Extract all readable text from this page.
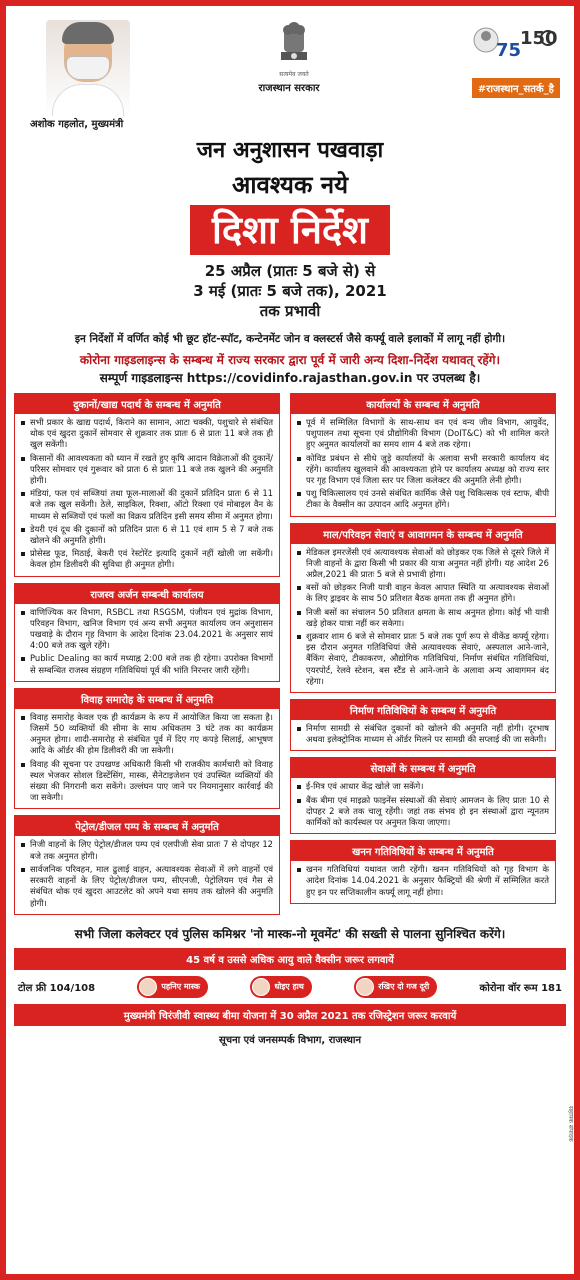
अशोक गहलोत, मुख्यमंत्री
सत्यमेव जयते
राजस्थान सरकार
75
150
#राजस्थान_सतर्क_है
जन अनुशासन पखवाड़ा
आवश्यक नये
दिशा निर्देश
25 अप्रैल (प्रातः 5 बजे से) से
3 मई (प्रातः 5 बजे तक), 2021
तक प्रभावी
इन निर्देशों में वर्णित कोई भी छूट हॉट-स्पॉट, कन्टेनमेंट जोन व क्लस्टर्स जैसे कर्फ्यू वाले इलाकों में लागू नहीं होगी।
कोरोना गाइडलाइन्स के सम्बन्ध में राज्य सरकार द्वारा पूर्व में जारी अन्य दिशा-निर्देश यथावत् रहेंगे।
सम्पूर्ण गाइडलाइन्स https://covidinfo.rajasthan.gov.in पर उपलब्ध है।
दुकानों/खाद्य पदार्थ के सम्बन्ध में अनुमति
सभी प्रकार के खाद्य पदार्थ, किराने का सामान, आटा चक्की, पशुचारे से संबंधित थोक एवं खुदरा दुकानें सोमवार से शुक्रवार तक प्रातः 6 से प्रातः 11 बजे तक ही खुल सकेंगी।
किसानों की आवश्यकता को ध्यान में रखते हुए कृषि आदान विक्रेताओं की दुकानें/परिसर सोमवार एवं गुरूवार को प्रातः 6 से प्रातः 11 बजे तक खुलने की अनुमति होगी।
मंडियां, फल एवं सब्जियां तथा फूल-मालाओं की दुकानें प्रतिदिन प्रातः 6 से 11 बजे तक खुल सकेंगी। ठेले, साइकिल, रिक्शा, ऑटो रिक्शा एवं मोबाइल वैन के माध्यम से सब्जियों एवं फलों का विक्रय प्रतिदिन इसी समय सीमा में अनुमत होगा।
डेयरी एवं दूध की दुकानों को प्रतिदिन प्रातः 6 से 11 एवं शाम 5 से 7 बजे तक खोलने की अनुमति होगी।
प्रोसेस्ड फूड, मिठाई, बेकरी एवं रेस्टोरेंट इत्यादि दुकानें नहीं खोली जा सकेंगी। केवल होम डिलीवरी की सुविधा ही अनुमत होगी।
राजस्व अर्जन सम्बन्धी कार्यालय
वाणिज्यिक कर विभाग, RSBCL तथा RSGSM, पंजीयन एवं मुद्रांक विभाग, परिवहन विभाग, खनिज विभाग एवं अन्य सभी अनुमत कार्यालय जन अनुशासन पखवाड़े के दौरान गृह विभाग के आदेश दिनांक 23.04.2021 के अनुसार सायं 4:00 बजे तक खुले रहेंगे।
Public Dealing का कार्य मध्याह्न 2:00 बजे तक ही रहेगा। उपरोक्त विभागों से सम्बन्धित राजस्व संग्रहण गतिविधियां पूर्व की भांति निरन्तर जारी रहेंगी।
विवाह समारोह के सम्बन्ध में अनुमति
विवाह समारोह केवल एक ही कार्यक्रम के रूप में आयोजित किया जा सकता है। जिसमें 50 व्यक्तियों की सीमा के साथ अधिकतम 3 घंटे तक का कार्यक्रम अनुमत होगा। शादी-समारोह से संबंधित पूर्व में दिए गए कपड़े सिलाई, आभूषण आदि के ऑर्डर की होम डिलीवरी की जा सकेगी।
विवाह की सूचना पर उपखण्ड अधिकारी किसी भी राजकीय कार्मचारी को विवाह स्थल भेजकर सोशल डिस्टेंसिंग, मास्क, सैनेटाइजेशन एवं उपस्थित व्यक्तियों की संख्या की निगरानी करा सकेंगे। उल्लंघन पाए जाने पर नियमानुसार कार्रवाई की जा सकेगी।
पेट्रोल/डीजल पम्प के सम्बन्ध में अनुमति
निजी वाहनों के लिए पेट्रोल/डीजल पम्प एवं एलपीजी सेवा प्रातः 7 से दोपहर 12 बजे तक अनुमत होगी।
सार्वजनिक परिवहन, माल ढुलाई वाहन, अत्यावश्यक सेवाओं में लगे वाहनों एवं सरकारी वाहनों के लिए पेट्रोल/डीजल पम्प, सीएनजी, पेट्रोलियम एवं गैस से संबंधित थोक एवं खुदरा आउटलेट को अपने यथा समय तक खोलने की अनुमति होगी।
कार्यालयों के सम्बन्ध में अनुमति
पूर्व में सम्मिलित विभागों के साथ-साथ वन एवं वन्य जीव विभाग, आयुर्वेद, पशुपालन तथा सूचना एवं प्रौद्योगिकी विभाग (DoIT&C) को भी शामिल करते हुए अनुमत कार्यालयों का समय शाम 4 बजे तक रहेगा।
कोविड प्रबंधन से सीधे जुड़े कार्यालयों के अलावा सभी सरकारी कार्यालय बंद रहेंगे। कार्यालय खुलवाने की आवश्यकता होने पर कार्यालय अध्यक्ष को राज्य स्तर पर गृह विभाग एवं जिला स्तर पर जिला कलेक्टर की अनुमति लेनी होगी।
पशु चिकित्सालय एवं उनसे संबंधित कार्मिक जैसे पशु चिकित्सक एवं स्टाफ, बीपी टीका के वैक्सीन का उत्पादन आदि अनुमत होंगे।
माल/परिवहन सेवाएं व आवागमन के सम्बन्ध में अनुमति
मेडिकल इमरजेंसी एवं अत्यावश्यक सेवाओं को छोड़कर एक जिले से दूसरे जिले में निजी वाहनों के द्वारा किसी भी प्रकार की यात्रा अनुमत नहीं होगी। यह आदेश 26 अप्रैल,2021 की प्रातः 5 बजे से प्रभावी होगा।
बसों को छोड़कर निजी यात्री वाहन केवल आपात स्थिति या अत्यावश्यक सेवाओं के लिए ड्राइवर के साथ 50 प्रतिशत बैठक क्षमता तक ही अनुमत होंगे।
निजी बसों का संचालन 50 प्रतिशत क्षमता के साथ अनुमत होगा। कोई भी यात्री खड़े होकर यात्रा नहीं कर सकेगा।
शुक्रवार शाम 6 बजे से सोमवार प्रातः 5 बजे तक पूर्ण रूप से वीकेंड कर्फ्यू रहेगा। इस दौरान अनुमत गतिविधियां जैसे अत्यावश्यक सेवाएं, अस्पताल आने-जाने, बैंकिंग सेवाएं, टीकाकरण, औद्योगिक गतिविधियां, निर्माण संबंधित गतिविधियां, एयरपोर्ट, रेलवे स्टेशन, बस स्टैंड से आने-जाने के अलावा अन्य आवागमन बंद रहेगा।
निर्माण गतिविधियों के सम्बन्ध में अनुमति
निर्माण सामग्री से संबंधित दुकानों को खोलने की अनुमति नहीं होगी। दूरभाष अथवा इलेक्ट्रोनिक माध्यम से ऑर्डर मिलने पर सामग्री की सप्लाई की जा सकेगी।
सेवाओं के सम्बन्ध में अनुमति
ई-मित्र एवं आधार केंद्र खोले जा सकेंगे।
बैंक बीमा एवं माइक्रो फाइनेंस संस्थाओं की सेवाएं आमजन के लिए प्रातः 10 से दोपहर 2 बजे तक चालू रहेंगी। जहां तक संभव हो इन संस्थाओं द्वारा न्यूनतम कार्मिकों को कार्यस्थल पर अनुमत किया जाएगा।
खनन गतिविधियों के सम्बन्ध में अनुमति
खनन गतिविधियां यथावत जारी रहेंगी। खनन गतिविधियों को गृह विभाग के आदेश दिनांक 14.04.2021 के अनुसार फैक्ट्रियों की श्रेणी में सम्मिलित करते हुए इन पर सप्तिकालीन कर्फ्यू लागू नहीं होगा।
सभी जिला कलेक्टर एवं पुलिस कमिश्नर 'नो मास्क-नो मूवमेंट' की सख्ती से पालना सुनिश्चित करेंगे।
45 वर्ष व उससे अधिक आयु वाले वैक्सीन जरूर लगवायें
टोल फ्री 104/108	पहनिए मास्क	धोइए हाथ	रखिए दो गज दूरी	कोरोना वॉर रूम 181
मुख्यमंत्री चिरंजीवी स्वास्थ्य बीमा योजना में 30 अप्रैल 2021 तक रजिस्ट्रेशन जरूर करवायें
सूचना एवं जनसम्पर्क विभाग, राजस्थान
सहायक संपादक
